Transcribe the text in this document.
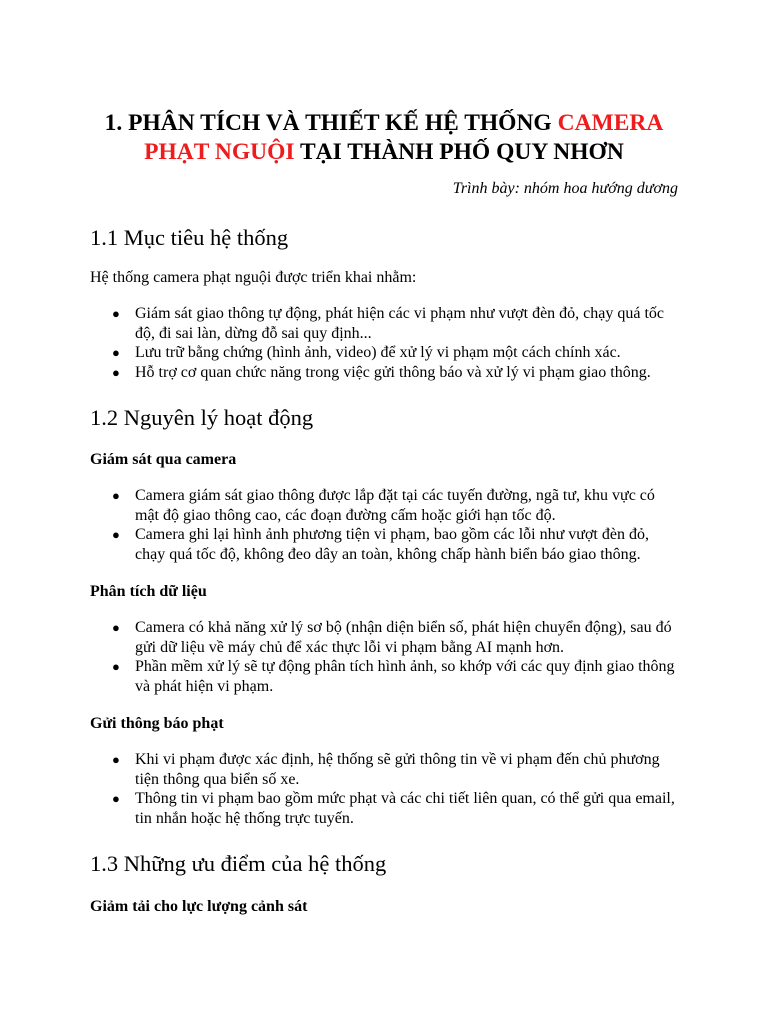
1. PHÂN TÍCH VÀ THIẾT KẾ HỆ THỐNG CAMERA
PHẠT NGUỘI TẠI THÀNH PHỐ QUY NHƠN

Trình bày: nhóm hoa hướng dương

1.1 Mục tiêu hệ thống

Hệ thống camera phạt nguội được triển khai nhằm:

● Giám sát giao thông tự động, phát hiện các vi phạm như vượt đèn đỏ, chạy quá tốc độ, đi sai làn, dừng đỗ sai quy định...
● Lưu trữ bằng chứng (hình ảnh, video) để xử lý vi phạm một cách chính xác.
● Hỗ trợ cơ quan chức năng trong việc gửi thông báo và xử lý vi phạm giao thông.
1.2 Nguyên lý hoạt động
Giám sát qua camera
● Camera giám sát giao thông được lắp đặt tại các tuyến đường, ngã tư, khu vực có mật độ giao thông cao, các đoạn đường cấm hoặc giới hạn tốc độ.
● Camera ghi lại hình ảnh phương tiện vi phạm, bao gồm các lỗi như vượt đèn đỏ, chạy quá tốc độ, không đeo dây an toàn, không chấp hành biển báo giao thông.
Phân tích dữ liệu
● Camera có khả năng xử lý sơ bộ (nhận diện biển số, phát hiện chuyển động), sau đó gửi dữ liệu về máy chủ để xác thực lỗi vi phạm bằng AI mạnh hơn.
● Phần mềm xử lý sẽ tự động phân tích hình ảnh, so khớp với các quy định giao thông và phát hiện vi phạm.
Gửi thông báo phạt
● Khi vi phạm được xác định, hệ thống sẽ gửi thông tin về vi phạm đến chủ phương tiện thông qua biển số xe.
● Thông tin vi phạm bao gồm mức phạt và các chi tiết liên quan, có thể gửi qua email, tin nhắn hoặc hệ thống trực tuyến.
1.3 Những ưu điểm của hệ thống
Giảm tải cho lực lượng cảnh sát
